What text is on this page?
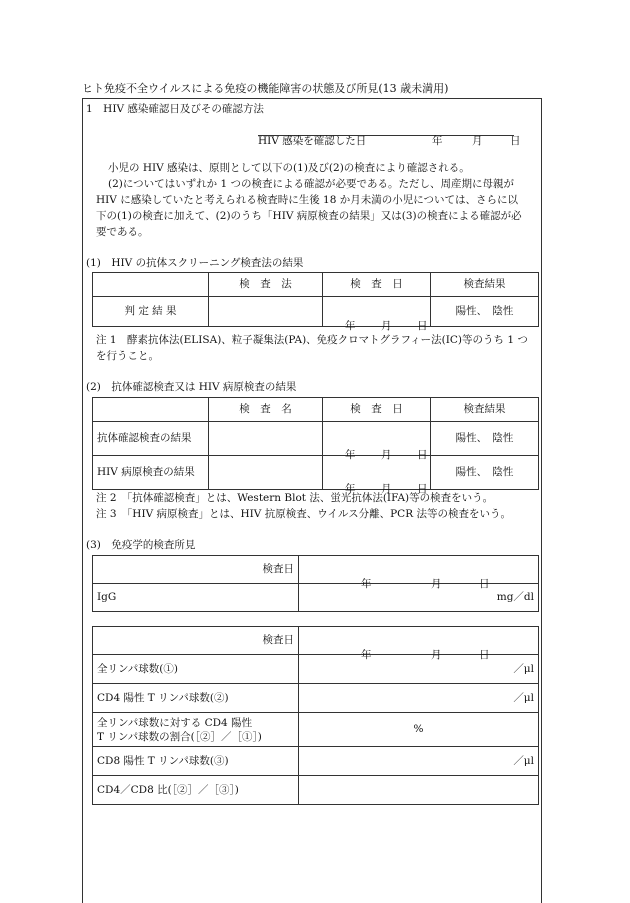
ヒト免疫不全ウイルスによる免疫の機能障害の状態及び所見(13 歳未満用)
1　HIV 感染確認日及びその確認方法
HIV 感染を確認した日	年	月	日
小児の HIV 感染は、原則として以下の(1)及び(2)の検査により確認される。
(2)についてはいずれか 1 つの検査による確認が必要である。ただし、周産期に母親が HIV に感染していたと考えられる検査時に生後 18 か月未満の小児については、さらに以下の(1)の検査に加えて、(2)のうち「HIV 病原検査の結果」又は(3)の検査による確認が必要である。
(1)　HIV の抗体スクリーニング検査法の結果
	検　査　法	検　査　日	検査結果
判 定 結 果		年 月 日	陽性、　陰性
注 1　 酵素抗体法(ELISA)、粒子凝集法(PA)、免疫クロマトグラフィー法(IC)等のうち 1 つを行うこと。
(2)　抗体確認検査又は HIV 病原検査の結果
	検　査　名	検　査　日	検査結果
抗体確認検査の結果		年 月 日	陽性、　陰性
HIV 病原検査の結果		年 月 日	陽性、　陰性
注 2　 「抗体確認検査」とは、Western Blot 法、蛍光抗体法(IFA)等の検査をいう。
注 3　 「HIV 病原検査」とは、HIV 抗原検査、ウイルス分離、PCR 法等の検査をいう。
(3)　免疫学的検査所見
検査日	年 月 日

IgG	mg／dl
検査日	年 月 日

全リンパ球数(①)	／μl
CD4 陽性 T リンパ球数(②)	／μl

全リンパ球数に対する CD4 陽性
T リンパ球数の割合(［②］／［①］)	%
CD8 陽性 T リンパ球数(③)	／μl
CD4／CD8 比(［②］／［③］)	
